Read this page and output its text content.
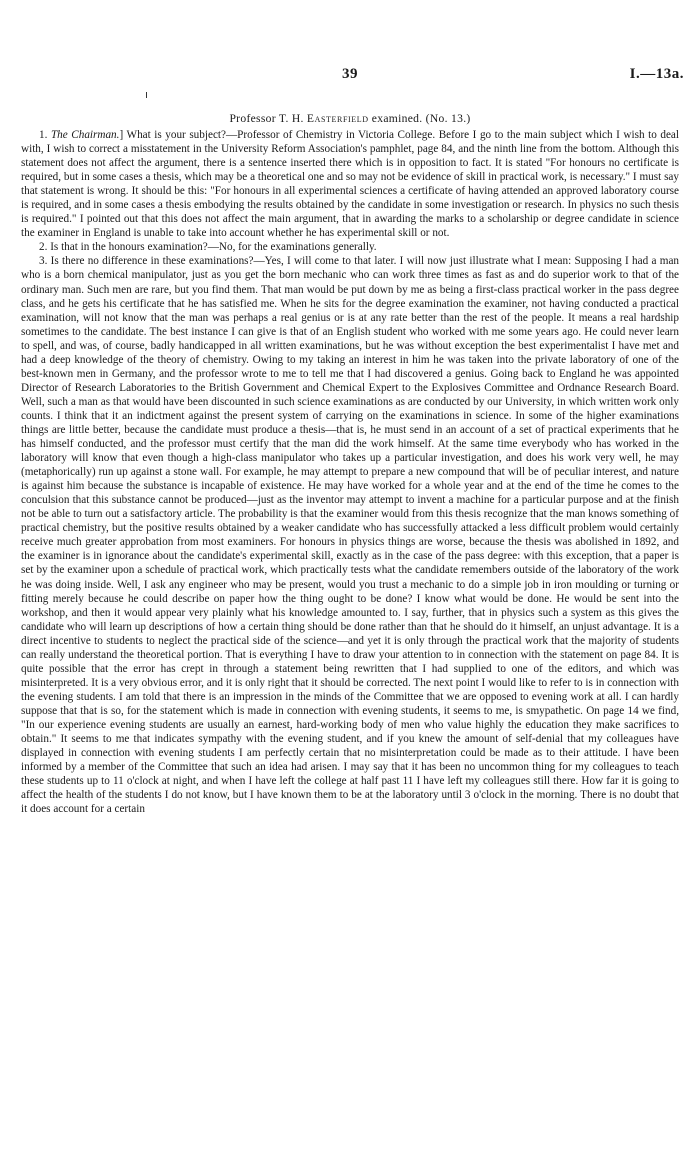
39	I.—13a.
Professor T. H. Easterfield examined. (No. 13.)

1. The Chairman.] What is your subject?—Professor of Chemistry in Victoria College. Before I go to the main subject which I wish to deal with, I wish to correct a misstatement in the University Reform Association's pamphlet, page 84, and the ninth line from the bottom. Although this statement does not affect the argument, there is a sentence inserted there which is in opposition to fact. It is stated "For honours no certificate is required, but in some cases a thesis, which may be a theoretical one and so may not be evidence of skill in practical work, is necessary." I must say that statement is wrong. It should be this: "For honours in all experimental sciences a certificate of having attended an approved laboratory course is required, and in some cases a thesis embodying the results obtained by the candidate in some investigation or research. In physics no such thesis is required." I pointed out that this does not affect the main argument, that in awarding the marks to a scholarship or degree candidate in science the examiner in England is unable to take into account whether he has experimental skill or not.

2. Is that in the honours examination?—No, for the examinations generally.

3. Is there no difference in these examinations?—Yes, I will come to that later. I will now just illustrate what I mean: Supposing I had a man who is a born chemical manipulator, just as you get the born mechanic who can work three times as fast as and do superior work to that of the ordinary man. Such men are rare, but you find them. That man would be put down by me as being a first-class practical worker in the pass degree class, and he gets his certificate that he has satisfied me. When he sits for the degree examination the examiner, not having conducted a practical examination, will not know that the man was perhaps a real genius or is at any rate better than the rest of the people. It means a real hardship sometimes to the candidate. The best instance I can give is that of an English student who worked with me some years ago. He could never learn to spell, and was, of course, badly handicapped in all written examinations, but he was without exception the best experimentalist I have met and had a deep knowledge of the theory of chemistry. Owing to my taking an interest in him he was taken into the private laboratory of one of the best-known men in Germany, and the professor wrote to me to tell me that I had discovered a genius. Going back to England he was appointed Director of Research Laboratories to the British Government and Chemical Expert to the Explosives Committee and Ordnance Research Board. Well, such a man as that would have been discounted in such science examinations as are conducted by our University, in which written work only counts. I think that it an indictment against the present system of carrying on the examinations in science. In some of the higher examinations things are little better, because the candidate must produce a thesis—that is, he must send in an account of a set of practical experiments that he has himself conducted, and the professor must certify that the man did the work himself. At the same time everybody who has worked in the laboratory will know that even though a high-class manipulator who takes up a particular investigation, and does his work very well, he may (metaphorically) run up against a stone wall. For example, he may attempt to prepare a new compound that will be of peculiar interest, and nature is against him because the substance is incapable of existence. He may have worked for a whole year and at the end of the time he comes to the conculsion that this substance cannot be produced—just as the inventor may attempt to invent a machine for a particular purpose and at the finish not be able to turn out a satisfactory article. The probability is that the examiner would from this thesis recognize that the man knows something of practical chemistry, but the positive results obtained by a weaker candidate who has successfully attacked a less difficult problem would certainly receive much greater approbation from most examiners. For honours in physics things are worse, because the thesis was abolished in 1892, and the examiner is in ignorance about the candidate's experimental skill, exactly as in the case of the pass degree: with this exception, that a paper is set by the examiner upon a schedule of practical work, which practically tests what the candidate remembers outside of the laboratory of the work he was doing inside. Well, I ask any engineer who may be present, would you trust a mechanic to do a simple job in iron moulding or turning or fitting merely because he could describe on paper how the thing ought to be done? I know what would be done. He would be sent into the workshop, and then it would appear very plainly what his knowledge amounted to. I say, further, that in physics such a system as this gives the candidate who will learn up descriptions of how a certain thing should be done rather than that he should do it himself, an unjust advantage. It is a direct incentive to students to neglect the practical side of the science—and yet it is only through the practical work that the majority of students can really understand the theoretical portion. That is everything I have to draw your attention to in connection with the statement on page 84. It is quite possible that the error has crept in through a statement being rewritten that I had supplied to one of the editors, and which was misinterpreted. It is a very obvious error, and it is only right that it should be corrected. The next point I would like to refer to is in connection with the evening students. I am told that there is an impression in the minds of the Committee that we are opposed to evening work at all. I can hardly suppose that that is so, for the statement which is made in connection with evening students, it seems to me, is smypathetic. On page 14 we find, "In our experience evening students are usually an earnest, hard-working body of men who value highly the education they make sacrifices to obtain." It seems to me that indicates sympathy with the evening student, and if you knew the amount of self-denial that my colleagues have displayed in connection with evening students I am perfectly certain that no misinterpretation could be made as to their attitude. I have been informed by a member of the Committee that such an idea had arisen. I may say that it has been no uncommon thing for my colleagues to teach these students up to 11 o'clock at night, and when I have left the college at half past 11 I have left my colleagues still there. How far it is going to affect the health of the students I do not know, but I have known them to be at the laboratory until 3 o'clock in the morning. There is no doubt that it does account for a certain
